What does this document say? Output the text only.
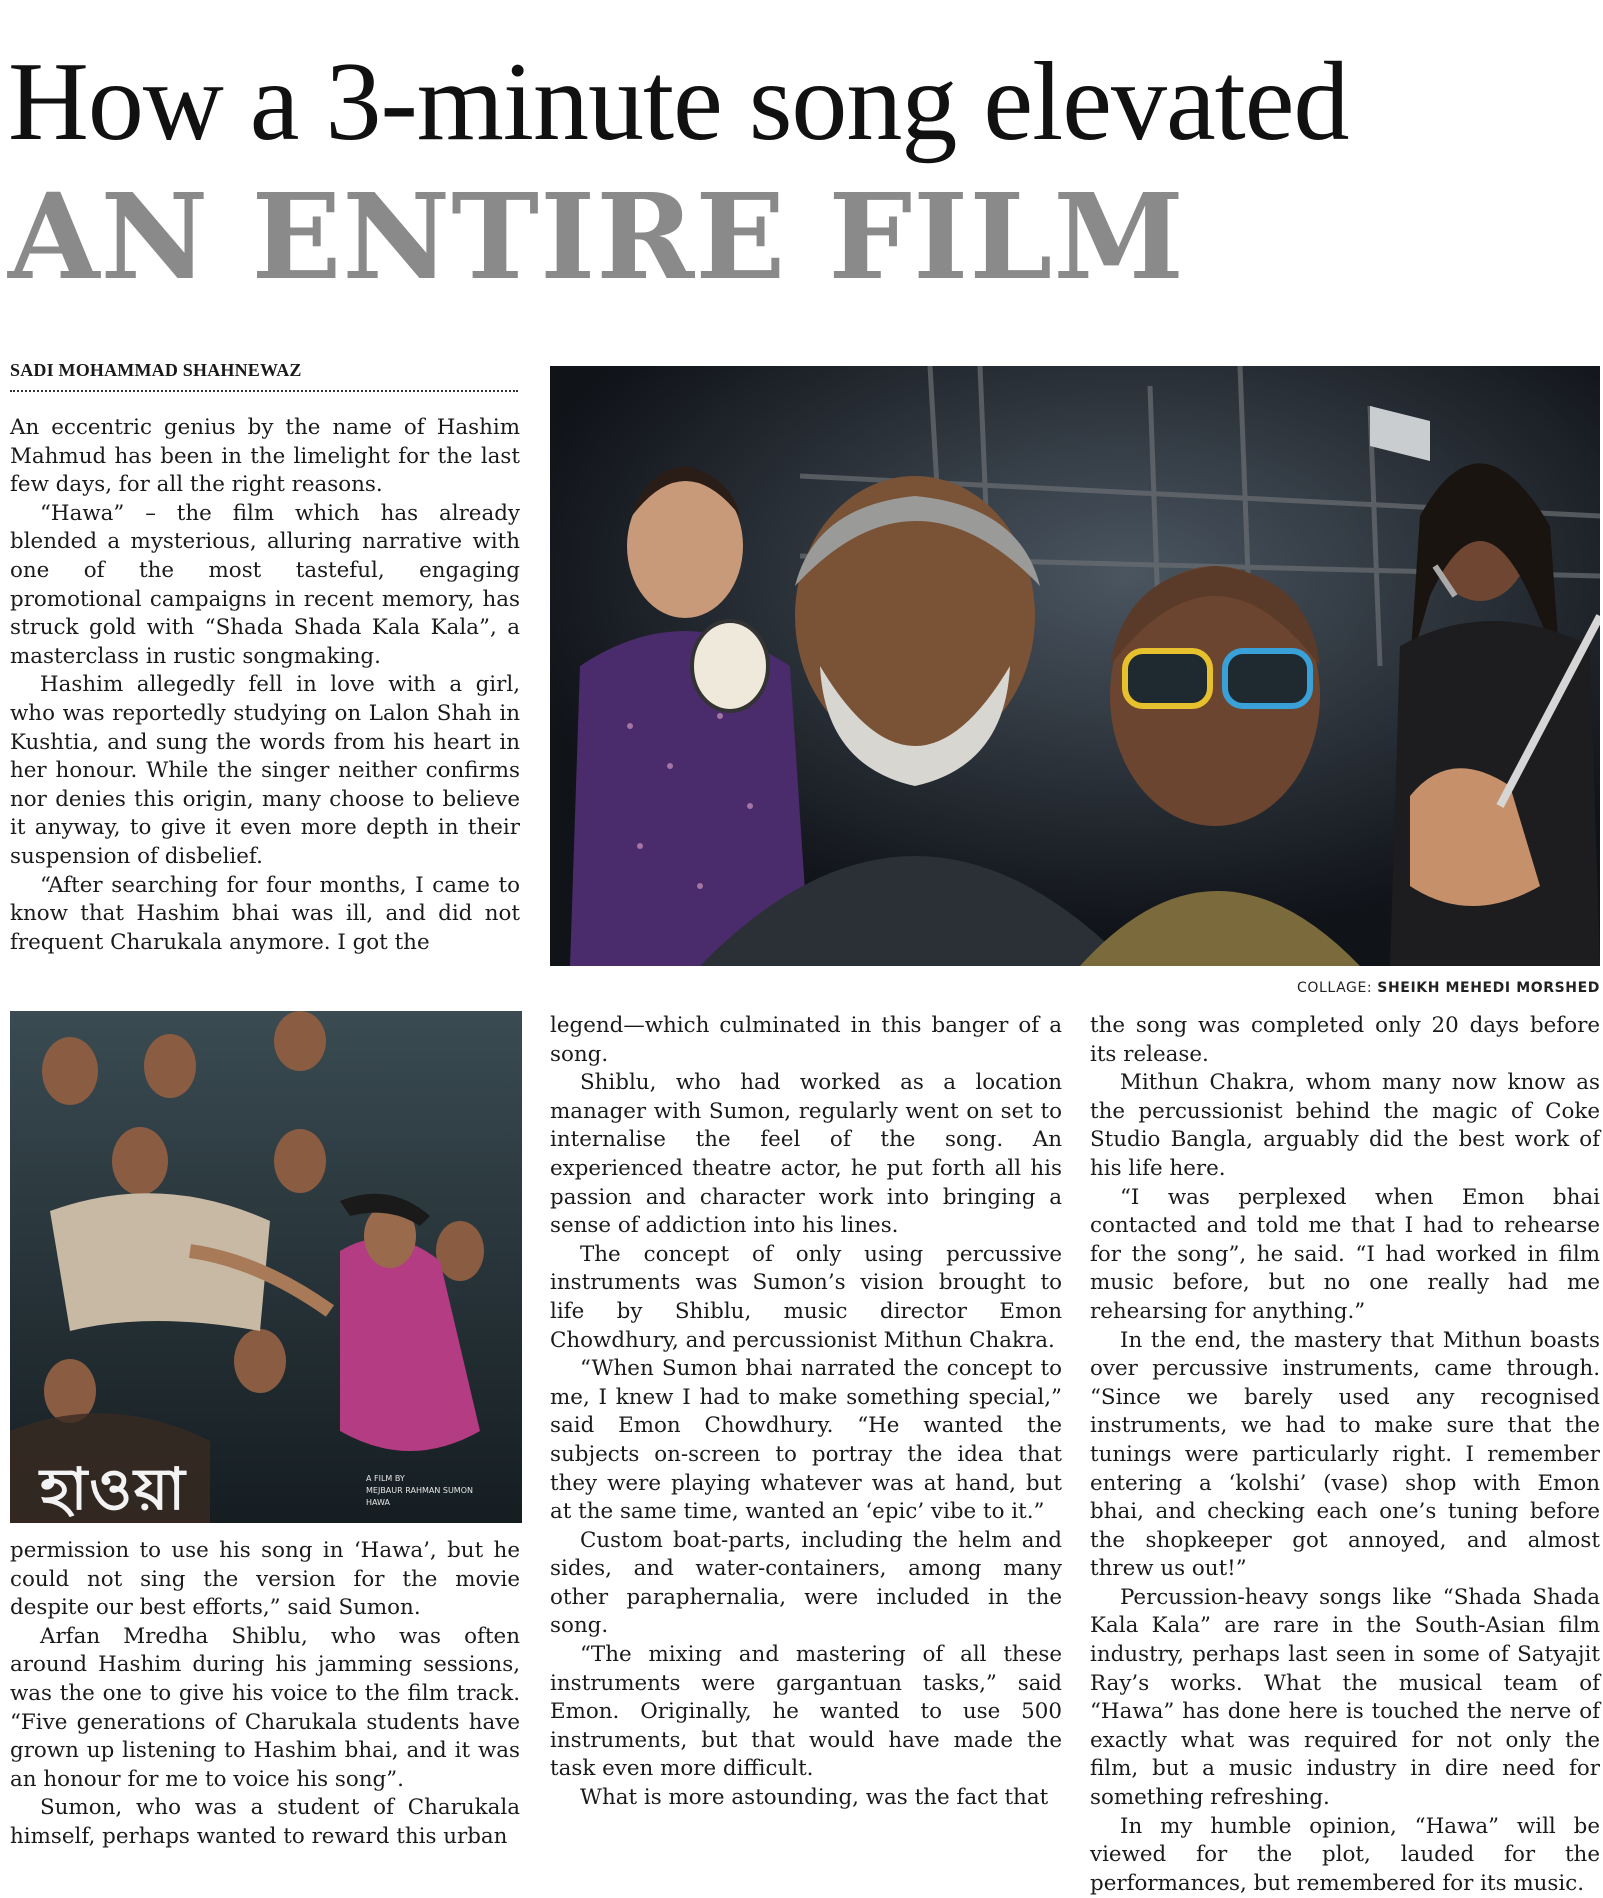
How a 3-minute song elevated
AN ENTIRE FILM
SADI MOHAMMAD SHAHNEWAZ

An eccentric genius by the name of Hashim Mahmud has been in the limelight for the last few days, for all the right reasons.

“Hawa” – the film which has already blended a mysterious, alluring narrative with one of the most tasteful, engaging promotional campaigns in recent memory, has struck gold with “Shada Shada Kala Kala”, a masterclass in rustic songmaking.

Hashim allegedly fell in love with a girl, who was reportedly studying on Lalon Shah in Kushtia, and sung the words from his heart in her honour. While the singer neither confirms nor denies this origin, many choose to believe it anyway, to give it even more depth in their suspension of disbelief.

“After searching for four months, I came to know that Hashim bhai was ill, and did not frequent Charukala anymore. I got the

COLLAGE: SHEIKH MEHEDI MORSHED
হাওয়া	A FILM BY
MEJBAUR RAHMAN SUMON
HAWA

permission to use his song in ‘Hawa’, but he could not sing the version for the movie despite our best efforts,” said Sumon.

Arfan Mredha Shiblu, who was often around Hashim during his jamming sessions, was the one to give his voice to the film track. “Five generations of Charukala students have grown up listening to Hashim bhai, and it was an honour for me to voice his song”.

Sumon, who was a student of Charukala himself, perhaps wanted to reward this urban

legend—which culminated in this banger of a song.

Shiblu, who had worked as a location manager with Sumon, regularly went on set to internalise the feel of the song. An experienced theatre actor, he put forth all his passion and character work into bringing a sense of addiction into his lines.

The concept of only using percussive instruments was Sumon’s vision brought to life by Shiblu, music director Emon Chowdhury, and percussionist Mithun Chakra.

“When Sumon bhai narrated the concept to me, I knew I had to make something special,” said Emon Chowdhury. “He wanted the subjects on-screen to portray the idea that they were playing whatever was at hand, but at the same time, wanted an ‘epic’ vibe to it.”

Custom boat-parts, including the helm and sides, and water-containers, among many other paraphernalia, were included in the song.

“The mixing and mastering of all these instruments were gargantuan tasks,” said Emon. Originally, he wanted to use 500 instruments, but that would have made the task even more difficult.

What is more astounding, was the fact that

the song was completed only 20 days before its release.

Mithun Chakra, whom many now know as the percussionist behind the magic of Coke Studio Bangla, arguably did the best work of his life here.

“I was perplexed when Emon bhai contacted and told me that I had to rehearse for the song”, he said. “I had worked in film music before, but no one really had me rehearsing for anything.”

In the end, the mastery that Mithun boasts over percussive instruments, came through. “Since we barely used any recognised instruments, we had to make sure that the tunings were particularly right. I remember entering a ‘kolshi’ (vase) shop with Emon bhai, and checking each one’s tuning before the shopkeeper got annoyed, and almost threw us out!”

Percussion-heavy songs like “Shada Shada Kala Kala” are rare in the South-Asian film industry, perhaps last seen in some of Satyajit Ray’s works. What the musical team of “Hawa” has done here is touched the nerve of exactly what was required for not only the film, but a music industry in dire need for something refreshing.

In my humble opinion, “Hawa” will be viewed for the plot, lauded for the performances, but remembered for its music.
